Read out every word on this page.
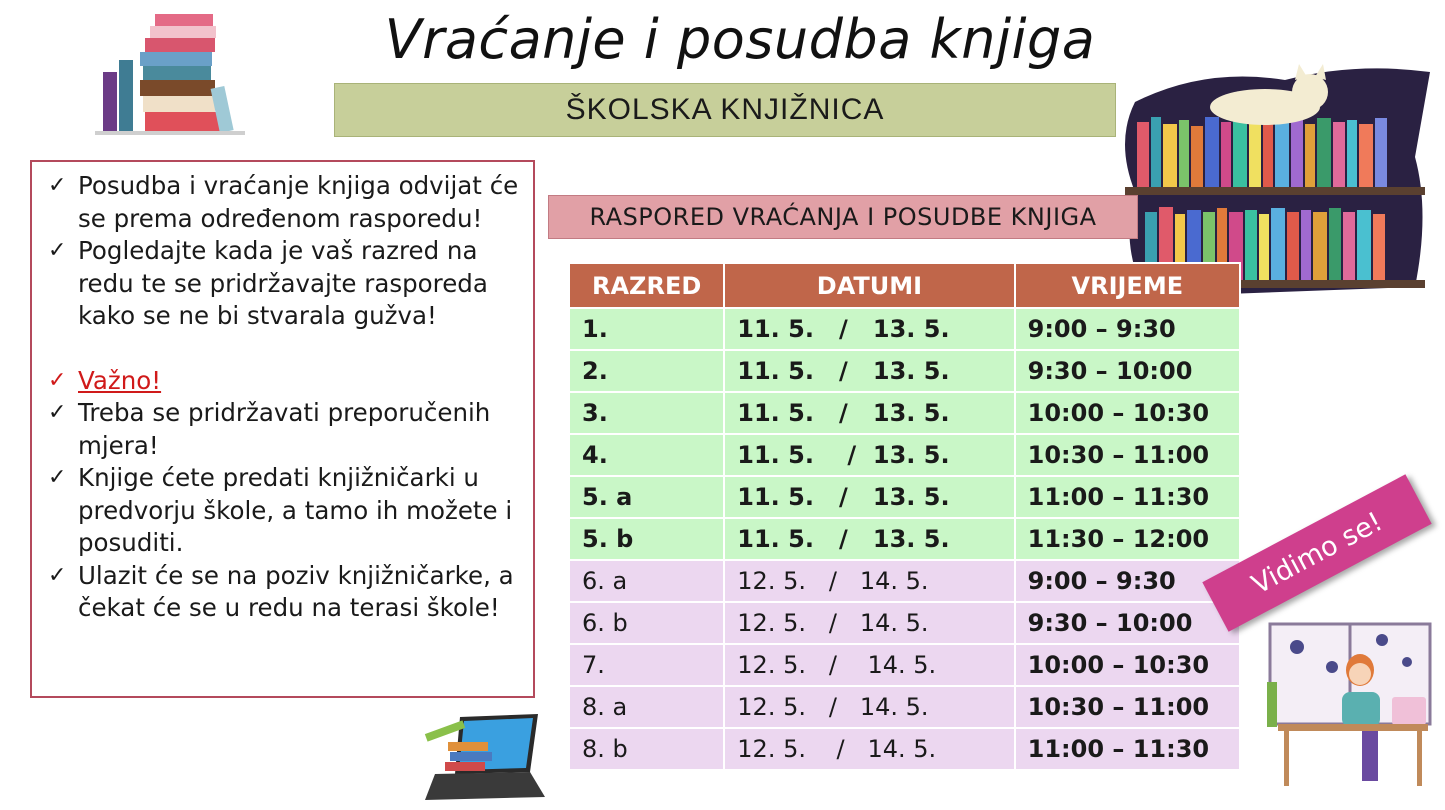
Vraćanje i posudba knjiga
ŠKOLSKA KNJIŽNICA
✓ Posudba i vraćanje knjiga odvijat će se prema određenom rasporedu!
✓ Pogledajte kada je vaš razred na redu te se pridržavajte rasporeda kako se ne bi stvarala gužva!
✓ Važno!
✓ Treba se pridržavati preporučenih mjera!
✓ Knjige ćete predati knjižničarki u predvorju škole, a tamo ih možete i posuditi.
✓ Ulazit će se na poziv knjižničarke, a čekat će se u redu na terasi škole!
RASPORED VRAĆANJA I POSUDBE KNJIGA
RAZRED	DATUMI	VRIJEME
1.	11. 5.   /   13. 5.	9:00 – 9:30
2.	11. 5.   /   13. 5.	9:30 – 10:00
3.	11. 5.   /   13. 5.	10:00 – 10:30
4.	11. 5.    /  13. 5.	10:30 – 11:00
5. a	11. 5.   /   13. 5.	11:00 – 11:30
5. b	11. 5.   /   13. 5.	11:30 – 12:00
6. a	12. 5.   /   14. 5.	9:00 – 9:30
6. b	12. 5.   /   14. 5.	9:30 – 10:00
7.	12. 5.   /    14. 5.	10:00 – 10:30
8. a	12. 5.   /   14. 5.	10:30 – 11:00
8. b	12. 5.    /   14. 5.	11:00 – 11:30
Vidimo se!
